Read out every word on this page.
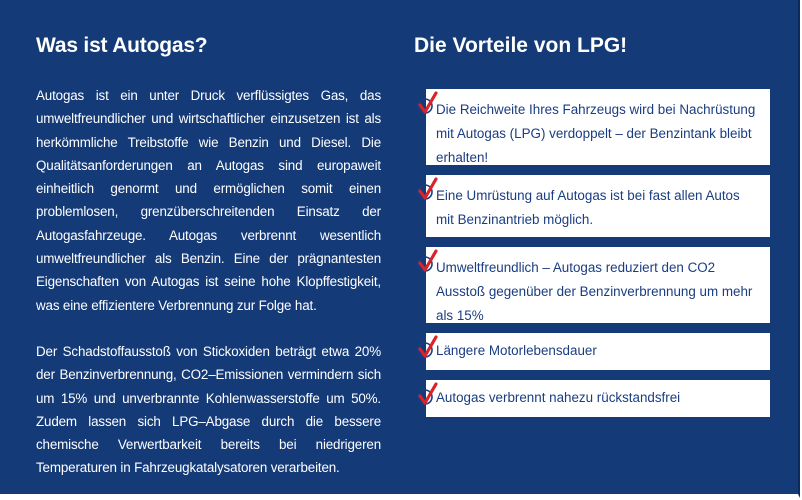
Was ist Autogas?

Autogas ist ein unter Druck verflüssigtes Gas, das umweltfreundlicher und wirtschaftlicher einzusetzen ist als herkömmliche Treibstoffe wie Benzin und Diesel. Die Qualitätsanforderungen an Autogas sind europaweit einheitlich genormt und ermöglichen somit einen problemlosen, grenzüberschreitenden Einsatz der Autogasfahrzeuge. Autogas verbrennt wesentlich umweltfreundlicher als Benzin. Eine der prägnantesten Eigenschaften von Autogas ist seine hohe Klopffestigkeit, was eine effizientere Verbrennung zur Folge hat.

Der Schadstoffausstoß von Stickoxiden beträgt etwa 20% der Benzinverbrennung, CO2–Emissionen vermindern sich um 15% und unverbrannte Kohlenwasserstoffe um 50%. Zudem lassen sich LPG–Abgase durch die bessere chemische Verwertbarkeit bereits bei niedrigeren Temperaturen in Fahrzeugkatalysatoren verarbeiten.

Die Vorteile von LPG!
Die Reichweite Ihres Fahrzeugs wird bei Nachrüstung mit Autogas (LPG) verdoppelt – der Benzintank bleibt erhalten!
Eine Umrüstung auf Autogas ist bei fast allen Autos mit Benzinantrieb möglich.
Umweltfreundlich – Autogas reduziert den CO2 Ausstoß gegenüber der Benzinverbrennung um mehr als 15%
Längere Motorlebensdauer
Autogas verbrennt nahezu rückstandsfrei
